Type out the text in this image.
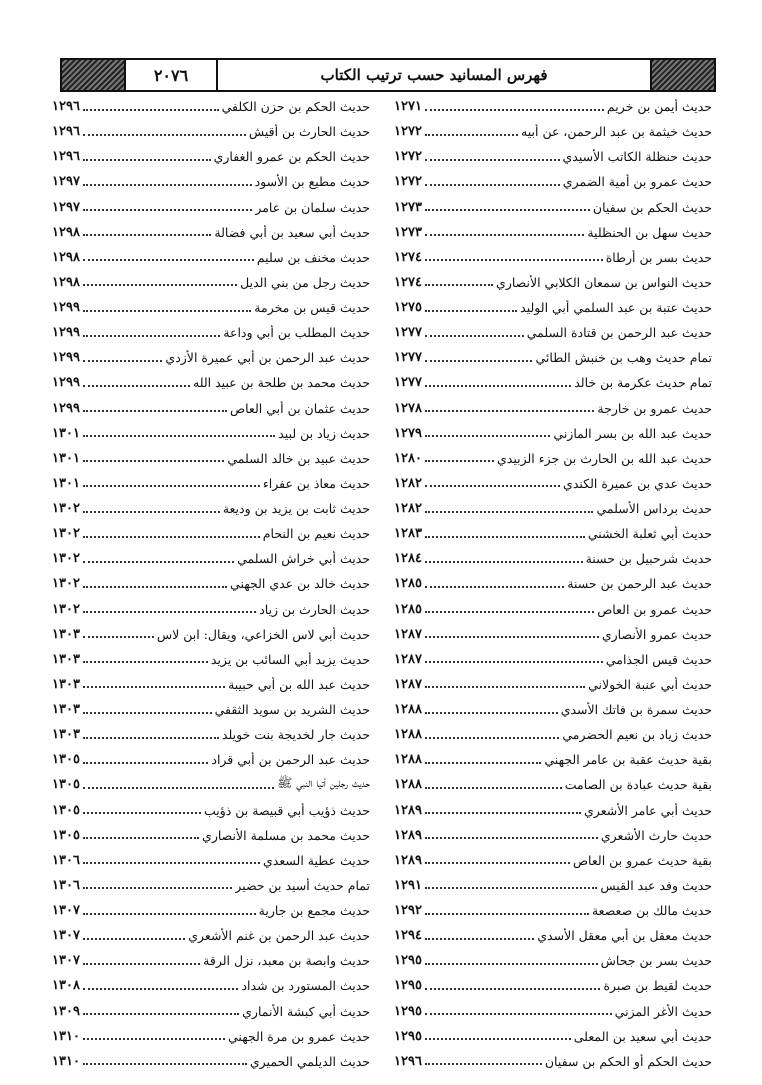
فهرس المسانيد حسب ترتيب الكتاب
٢٠٧٦
حديث أيمن بن خريم
١٢٧١
حديث خيثمة بن عبد الرحمن، عن أبيه
١٢٧٢
حديث حنظلة الكاتب الأسيدي
١٢٧٢
حديث عمرو بن أمية الضمري
١٢٧٢
حديث الحكم بن سفيان
١٢٧٣
حديث سهل بن الحنظلية
١٢٧٣
حديث بسر بن أرطاة
١٢٧٤
حديث النواس بن سمعان الكلابي الأنصاري
١٢٧٤
حديث عتبة بن عبد السلمي أبي الوليد
١٢٧٥
حديث عبد الرحمن بن قتادة السلمي
١٢٧٧
تمام حديث وهب بن خنبش الطائي
١٢٧٧
تمام حديث عكرمة بن خالد
١٢٧٧
حديث عمرو بن خارجة
١٢٧٨
حديث عبد الله بن بسر المازني
١٢٧٩
حديث عبد الله بن الحارث بن جزء الزبيدي
١٢٨٠
حديث عدي بن عميرة الكندي
١٢٨٢
حديث برداس الأسلمي
١٢٨٢
حديث أبي ثعلبة الخشني
١٢٨٣
حديث شرحبيل بن حسنة
١٢٨٤
حديث عبد الرحمن بن حسنة
١٢٨٥
حديث عمرو بن العاص
١٢٨٥
حديث عمرو الأنصاري
١٢٨٧
حديث قيس الجذامي
١٢٨٧
حديث أبي عنبة الخولاني
١٢٨٧
حديث سمرة بن فاتك الأسدي
١٢٨٨
حديث زياد بن نعيم الحضرمي
١٢٨٨
بقية حديث عقبة بن عامر الجهني
١٢٨٨
بقية حديث عبادة بن الصامت
١٢٨٨
حديث أبي عامر الأشعري
١٢٨٩
حديث حارث الأشعري
١٢٨٩
بقية حديث عمرو بن العاص
١٢٨٩
حديث وفد عبد القيس
١٢٩١
حديث مالك بن صعصعة
١٢٩٢
حديث معقل بن أبي معقل الأسدي
١٢٩٤
حديث بسر بن جحاش
١٢٩٥
حديث لقيط بن صبرة
١٢٩٥
حديث الأغر المزني
١٢٩٥
حديث أبي سعيد بن المعلى
١٢٩٥
حديث الحكم أو الحكم بن سفيان
١٢٩٦
حديث الحكم بن حزن الكلفي
١٢٩٦
حديث الحارث بن أقيش
١٢٩٦
حديث الحكم بن عمرو الغفاري
١٢٩٦
حديث مطيع بن الأسود
١٢٩٧
حديث سلمان بن عامر
١٢٩٧
حديث أبي سعيد بن أبي فضالة
١٢٩٨
حديث مخنف بن سليم
١٢٩٨
حديث رجل من بني الديل
١٢٩٨
حديث قيس بن مخرمة
١٢٩٩
حديث المطلب بن أبي وداعة
١٢٩٩
حديث عبد الرحمن بن أبي عميرة الأزدي
١٢٩٩
حديث محمد بن طلحة بن عبيد الله
١٢٩٩
حديث عثمان بن أبي العاص
١٢٩٩
حديث زياد بن لبيد
١٣٠١
حديث عبيد بن خالد السلمي
١٣٠١
حديث معاذ بن عفراء
١٣٠١
حديث ثابت بن يزيد بن وديعة
١٣٠٢
حديث نعيم بن النحام
١٣٠٢
حديث أبي خراش السلمي
١٣٠٢
حديث خالد بن عدي الجهني
١٣٠٢
حديث الحارث بن زياد
١٣٠٢
حديث أبي لاس الخزاعي، ويقال: ابن لاس
١٣٠٣
حديث يزيد أبي السائب بن يزيد
١٣٠٣
حديث عبد الله بن أبي حبيبة
١٣٠٣
حديث الشريد بن سويد الثقفي
١٣٠٣
حديث جار لخديجة بنت خويلد
١٣٠٣
حديث عبد الرحمن بن أبي قراد
١٣٠٥
حديث رجلين أتيا النبي ﷺ
١٣٠٥
حديث ذؤيب أبي قبيصة بن ذؤيب
١٣٠٥
حديث محمد بن مسلمة الأنصاري
١٣٠٥
حديث عطية السعدي
١٣٠٦
تمام حديث أسيد بن حضير
١٣٠٦
حديث مجمع بن جارية
١٣٠٧
حديث عبد الرحمن بن غنم الأشعري
١٣٠٧
حديث وابصة بن معبد، نزل الرقة
١٣٠٧
حديث المستورد بن شداد
١٣٠٨
حديث أبي كبشة الأنماري
١٣٠٩
حديث عمرو بن مرة الجهني
١٣١٠
حديث الديلمي الحميري
١٣١٠
